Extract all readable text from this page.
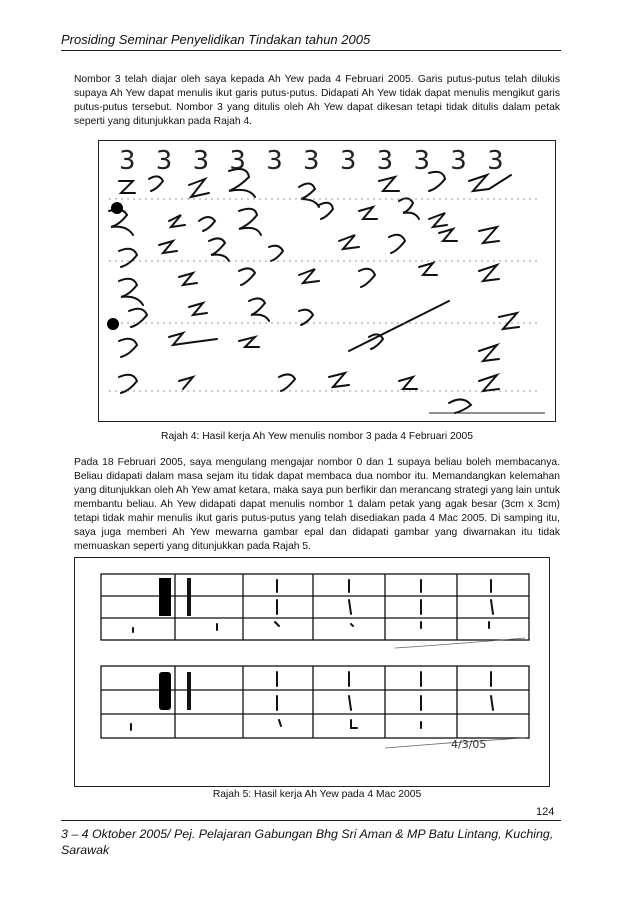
Prosiding Seminar Penyelidikan Tindakan tahun 2005
Nombor 3 telah diajar oleh saya kepada Ah Yew pada 4 Februari 2005. Garis putus-putus telah dilukis supaya Ah Yew dapat menulis ikut garis putus-putus. Didapati Ah Yew tidak dapat menulis mengikut garis putus-putus tersebut. Nombor 3 yang ditulis oleh Ah Yew dapat dikesan tetapi tidak ditulis dalam petak seperti yang ditunjukkan pada Rajah 4.
3 3 3 3 3 3 3 3 3 3 3
Rajah 4: Hasil kerja Ah Yew menulis nombor 3 pada 4 Februari 2005
Pada 18 Februari 2005, saya mengulang mengajar nombor 0 dan 1 supaya beliau boleh membacanya. Beliau didapati dalam masa sejam itu tidak dapat membaca dua nombor itu. Memandangkan kelemahan yang ditunjukkan oleh Ah Yew amat ketara, maka saya pun berfikir dan merancang strategi yang lain untuk membantu beliau. Ah Yew didapati dapat menulis nombor 1 dalam petak yang agak besar (3cm x 3cm) tetapi tidak mahir menulis ikut garis putus-putus yang telah disediakan pada 4 Mac 2005. Di samping itu, saya juga memberi Ah Yew mewarna gambar epal dan didapati gambar yang diwarnakan itu tidak memuaskan seperti yang ditunjukkan pada Rajah 5.
4/3/05
Rajah 5: Hasil kerja Ah Yew pada 4 Mac 2005
124
3 – 4 Oktober 2005/ Pej. Pelajaran Gabungan Bhg Sri Aman & MP Batu Lintang, Kuching, Sarawak
